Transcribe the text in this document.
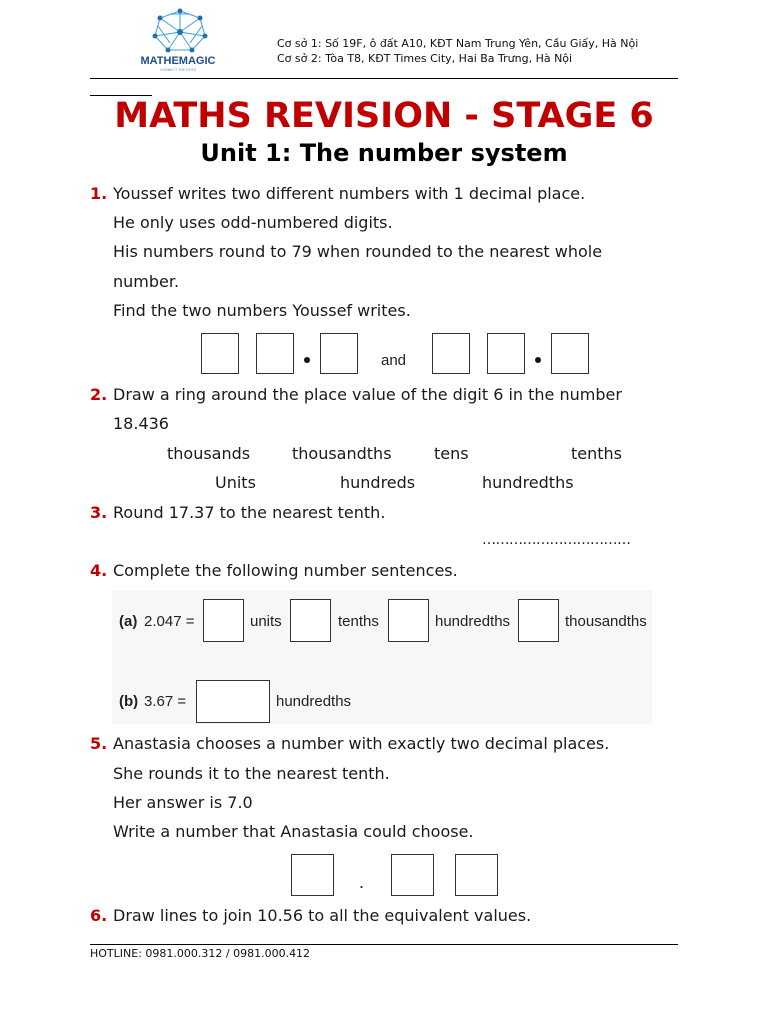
MATHEMAGIC
CONNECT THE DOTS
Cơ sở 1: Số 19F, ô đất A10, KĐT Nam Trung Yên, Cầu Giấy, Hà Nội
Cơ sở 2: Tòa T8, KĐT Times City, Hai Ba Trưng, Hà Nội
MATHS REVISION - STAGE 6
Unit 1: The number system
1. Youssef writes two different numbers with 1 decimal place.
He only uses odd-numbered digits.
His numbers round to 79 when rounded to the nearest whole
number.
Find the two numbers Youssef writes.
and
2. Draw a ring around the place value of the digit 6 in the number
18.436
thousands	thousandths	tens	tenths
Units	hundreds	hundredths
3. Round 17.37 to the nearest tenth.
……………………………
4. Complete the following number sentences.
(a) 2.047 =	units	tenths	hundredths	thousandths
(b) 3.67 =	hundredths
5. Anastasia chooses a number with exactly two decimal places.
She rounds it to the nearest tenth.
Her answer is 7.0
Write a number that Anastasia could choose.
.
6. Draw lines to join 10.56 to all the equivalent values.
HOTLINE: 0981.000.312 / 0981.000.412
